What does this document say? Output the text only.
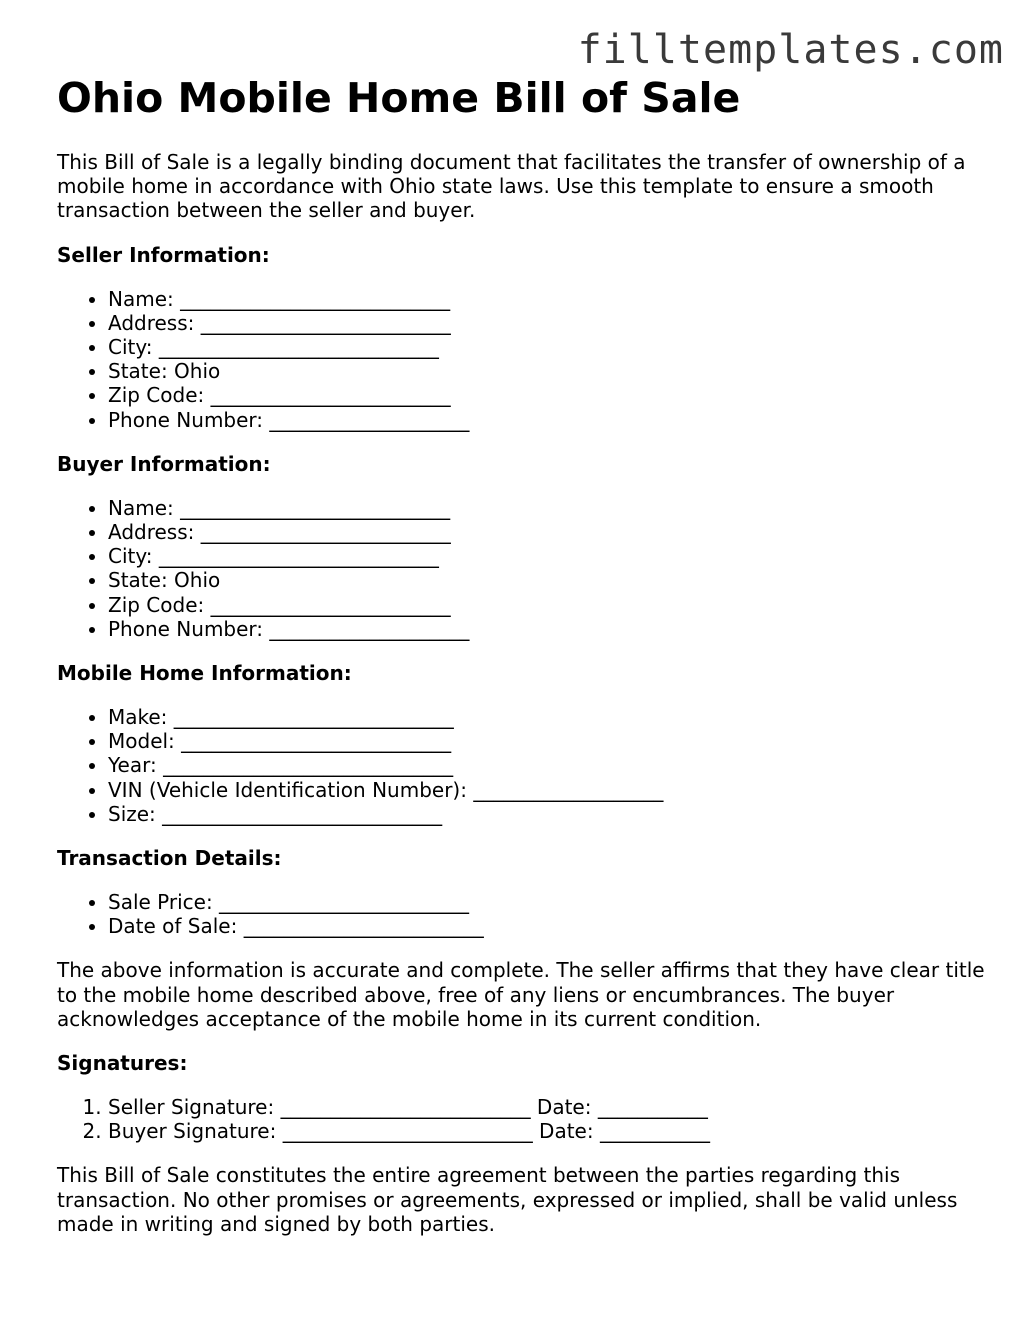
filltemplates.com
Ohio Mobile Home Bill of Sale

This Bill of Sale is a legally binding document that facilitates the transfer of ownership of a mobile home in accordance with Ohio state laws. Use this template to ensure a smooth transaction between the seller and buyer.

Seller Information:
• Name: ___________________________
• Address: _________________________
• City: ____________________________
• State: Ohio
• Zip Code: ________________________
• Phone Number: ____________________
Buyer Information:
• Name: ___________________________
• Address: _________________________
• City: ____________________________
• State: Ohio
• Zip Code: ________________________
• Phone Number: ____________________
Mobile Home Information:
• Make: ____________________________
• Model: ___________________________
• Year: _____________________________
• VIN (Vehicle Identification Number): ___________________
• Size: ____________________________
Transaction Details:
• Sale Price: _________________________
• Date of Sale: ________________________

The above information is accurate and complete. The seller affirms that they have clear title to the mobile home described above, free of any liens or encumbrances. The buyer acknowledges acceptance of the mobile home in its current condition.

Signatures:
1. Seller Signature: _________________________ Date: ___________
2. Buyer Signature: _________________________ Date: ___________

This Bill of Sale constitutes the entire agreement between the parties regarding this transaction. No other promises or agreements, expressed or implied, shall be valid unless made in writing and signed by both parties.
